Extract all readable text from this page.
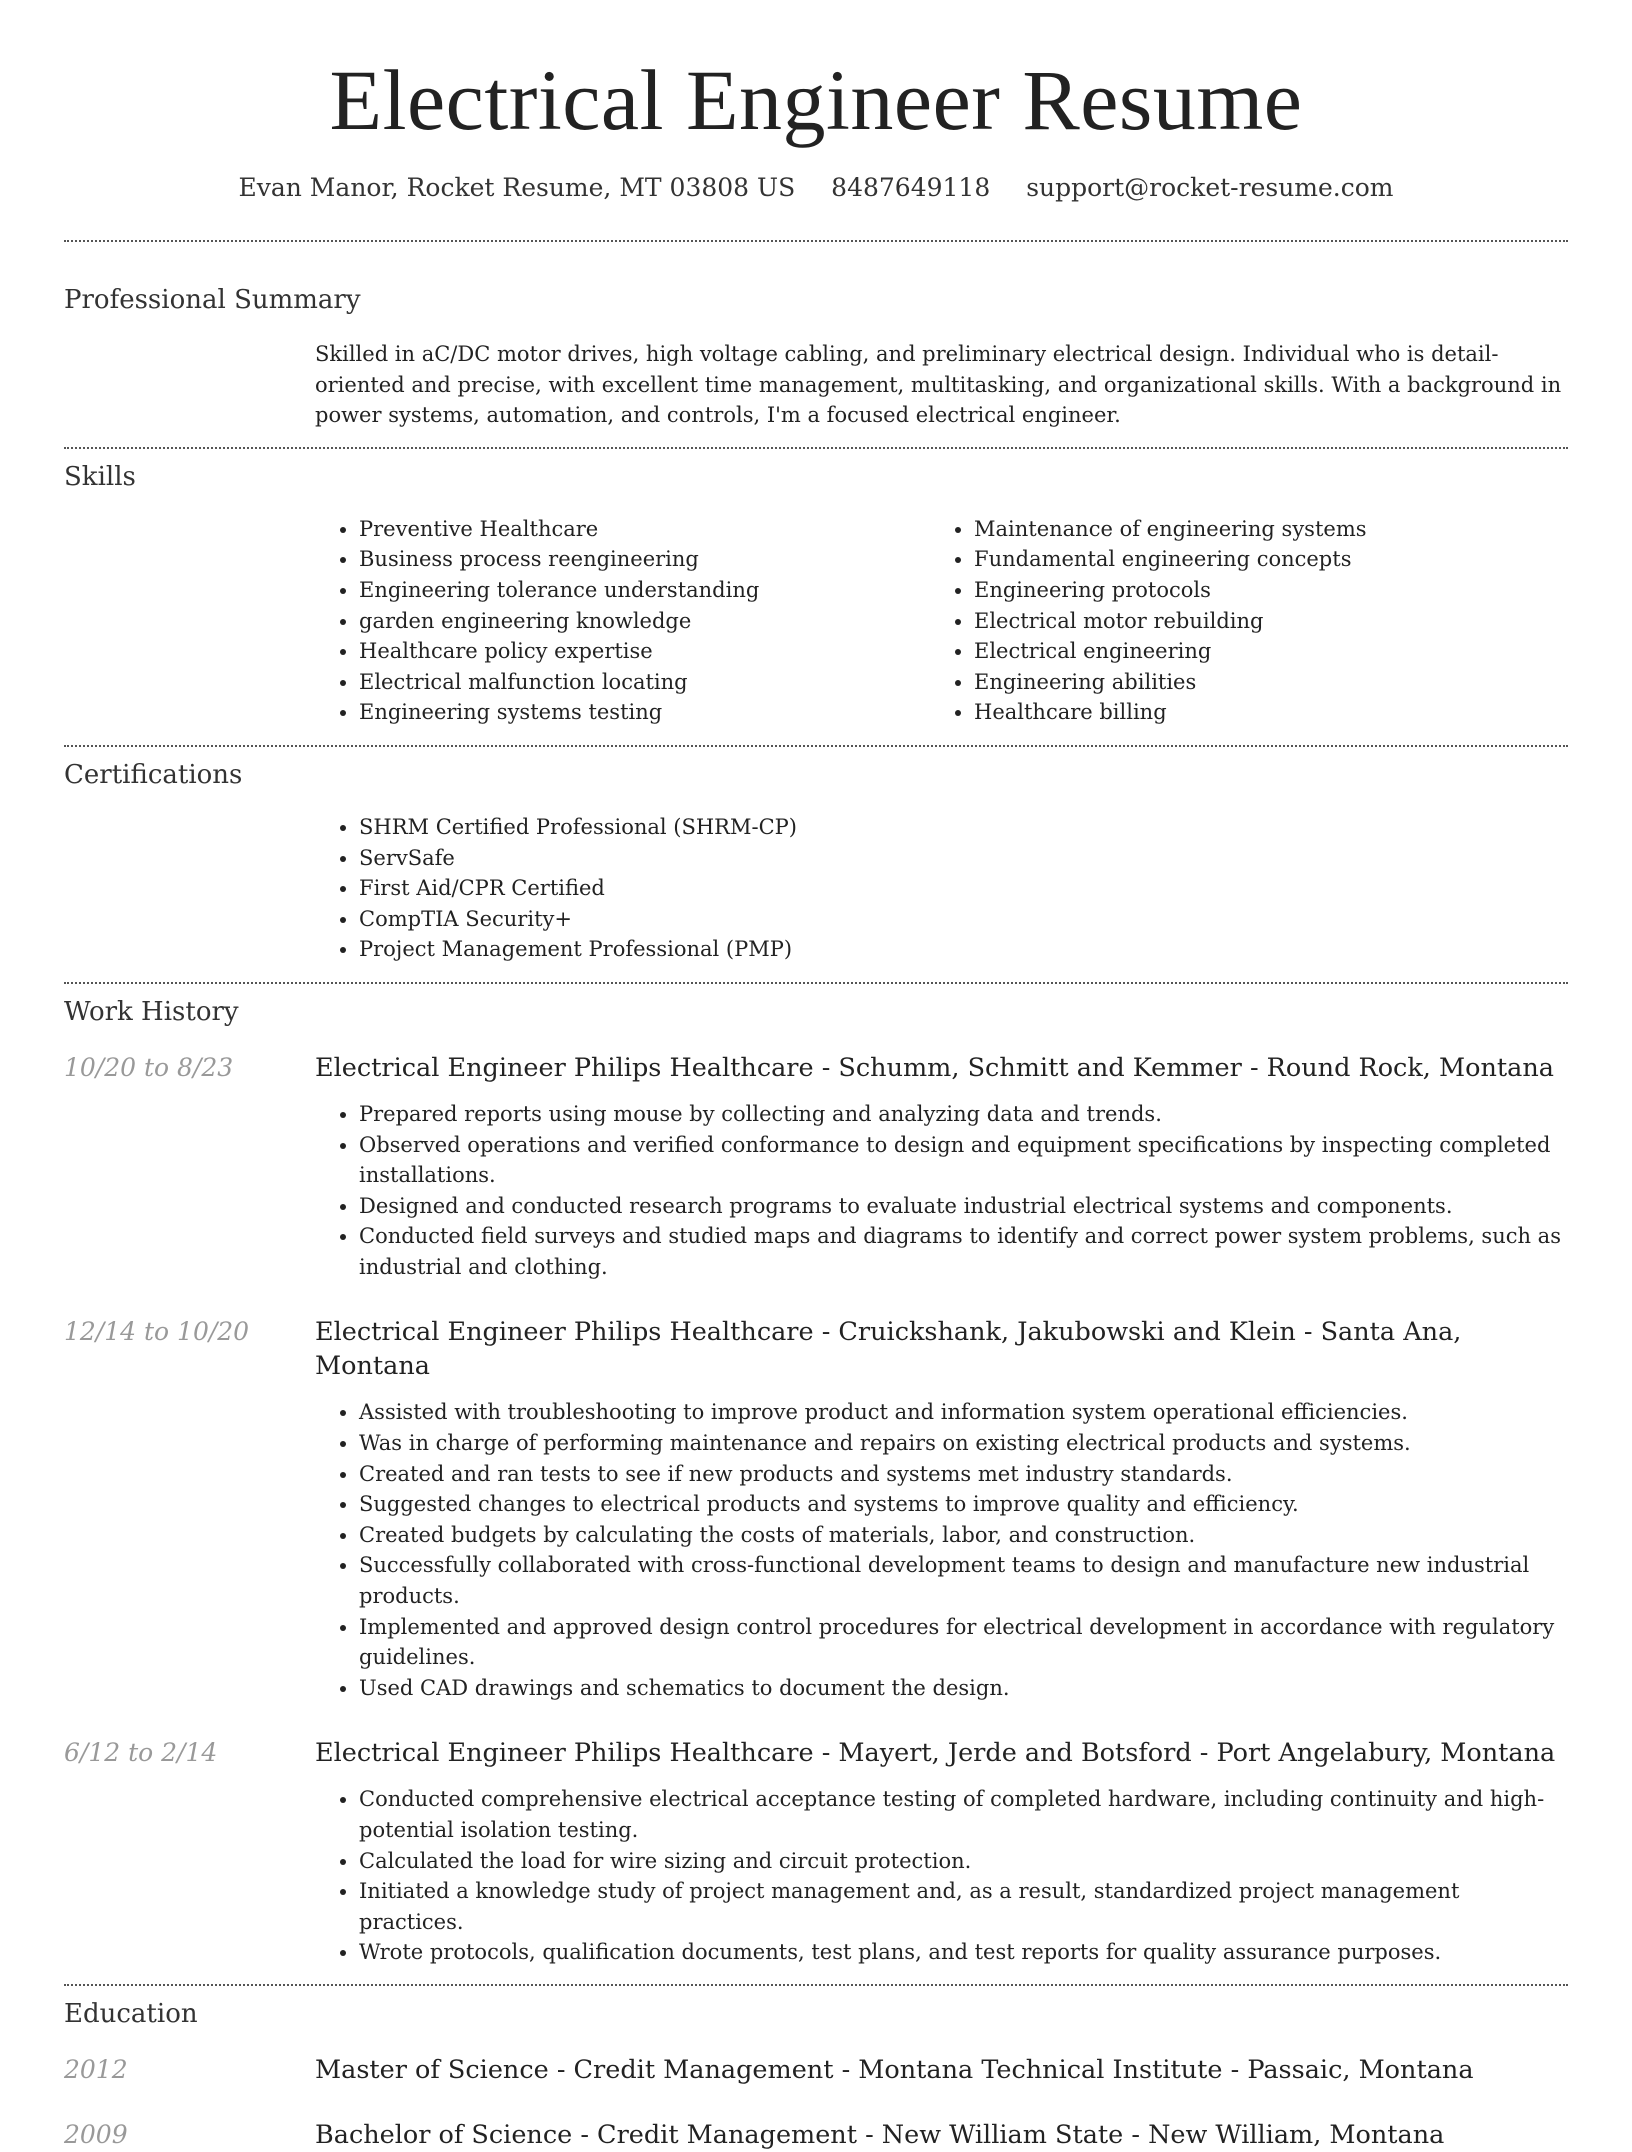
Electrical Engineer Resume
Evan Manor, Rocket Resume, MT 03808 US 8487649118 support@rocket-resume.com
Professional Summary

Skilled in aC/DC motor drives, high voltage cabling, and preliminary electrical design. Individual who is detail-oriented and precise, with excellent time management, multitasking, and organizational skills. With a background in power systems, automation, and controls, I'm a focused electrical engineer.

Skills
• Preventive Healthcare
• Business process reengineering
• Engineering tolerance understanding
• garden engineering knowledge
• Healthcare policy expertise
• Electrical malfunction locating
• Engineering systems testing
• Maintenance of engineering systems
• Fundamental engineering concepts
• Engineering protocols
• Electrical motor rebuilding
• Electrical engineering
• Engineering abilities
• Healthcare billing
Certifications
• SHRM Certified Professional (SHRM-CP)
• ServSafe
• First Aid/CPR Certified
• CompTIA Security+
• Project Management Professional (PMP)
Work History
10/20 to 8/23	Electrical Engineer Philips Healthcare - Schumm, Schmitt and Kemmer - Round Rock, Montana
• Prepared reports using mouse by collecting and analyzing data and trends.
• Observed operations and verified conformance to design and equipment specifications by inspecting completed installations.
• Designed and conducted research programs to evaluate industrial electrical systems and components.
• Conducted field surveys and studied maps and diagrams to identify and correct power system problems, such as industrial and clothing.
12/14 to 10/20	Electrical Engineer Philips Healthcare - Cruickshank, Jakubowski and Klein - Santa Ana, Montana
• Assisted with troubleshooting to improve product and information system operational efficiencies.
• Was in charge of performing maintenance and repairs on existing electrical products and systems.
• Created and ran tests to see if new products and systems met industry standards.
• Suggested changes to electrical products and systems to improve quality and efficiency.
• Created budgets by calculating the costs of materials, labor, and construction.
• Successfully collaborated with cross-functional development teams to design and manufacture new industrial products.
• Implemented and approved design control procedures for electrical development in accordance with regulatory guidelines.
• Used CAD drawings and schematics to document the design.
6/12 to 2/14	Electrical Engineer Philips Healthcare - Mayert, Jerde and Botsford - Port Angelabury, Montana
• Conducted comprehensive electrical acceptance testing of completed hardware, including continuity and high-potential isolation testing.
• Calculated the load for wire sizing and circuit protection.
• Initiated a knowledge study of project management and, as a result, standardized project management practices.
• Wrote protocols, qualification documents, test plans, and test reports for quality assurance purposes.
Education
2012	Master of Science - Credit Management - Montana Technical Institute - Passaic, Montana
2009	Bachelor of Science - Credit Management - New William State - New William, Montana
